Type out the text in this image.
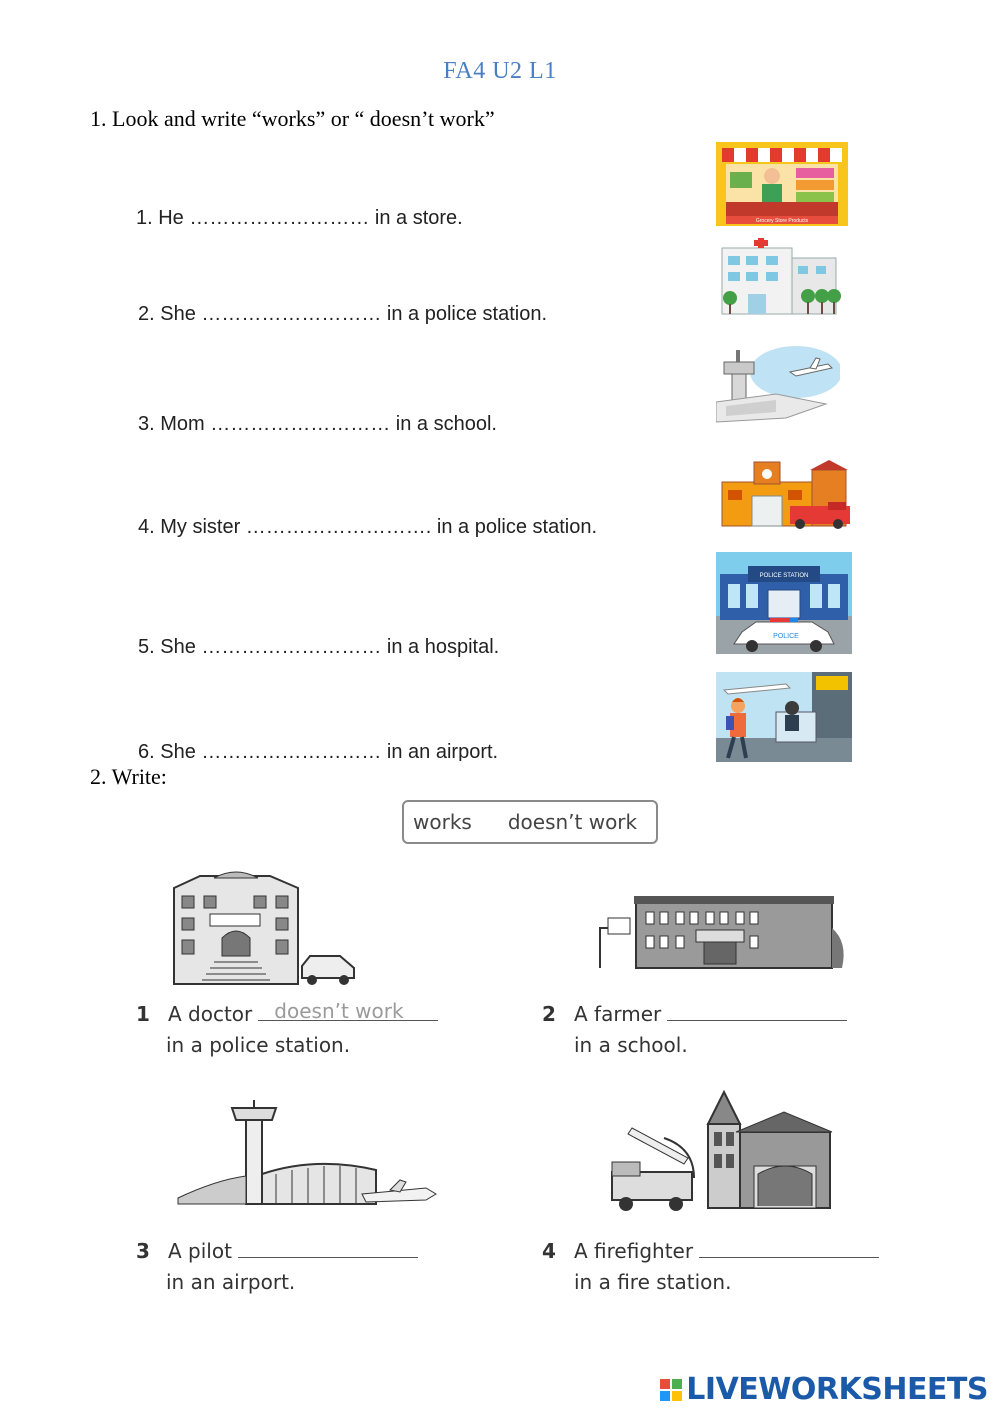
FA4 U2 L1
1. Look and write “works” or “ doesn’t work”
1. He ……………………… in a store.
2. She ……………………… in a police station.
3. Mom ……………………… in a school.
4. My sister ………………………. in a police station.
5. She ……………………… in a hospital.
6. She ……………………… in an airport.
Grocery Store Products
POLICE STATION
POLICE
2. Write:
works doesn’t work
1 A doctor doesn’t work
in a police station.
2 A farmer
in a school.
3 A pilot
in an airport.
4 A firefighter
in a fire station.
LIVEWORKSHEETS
